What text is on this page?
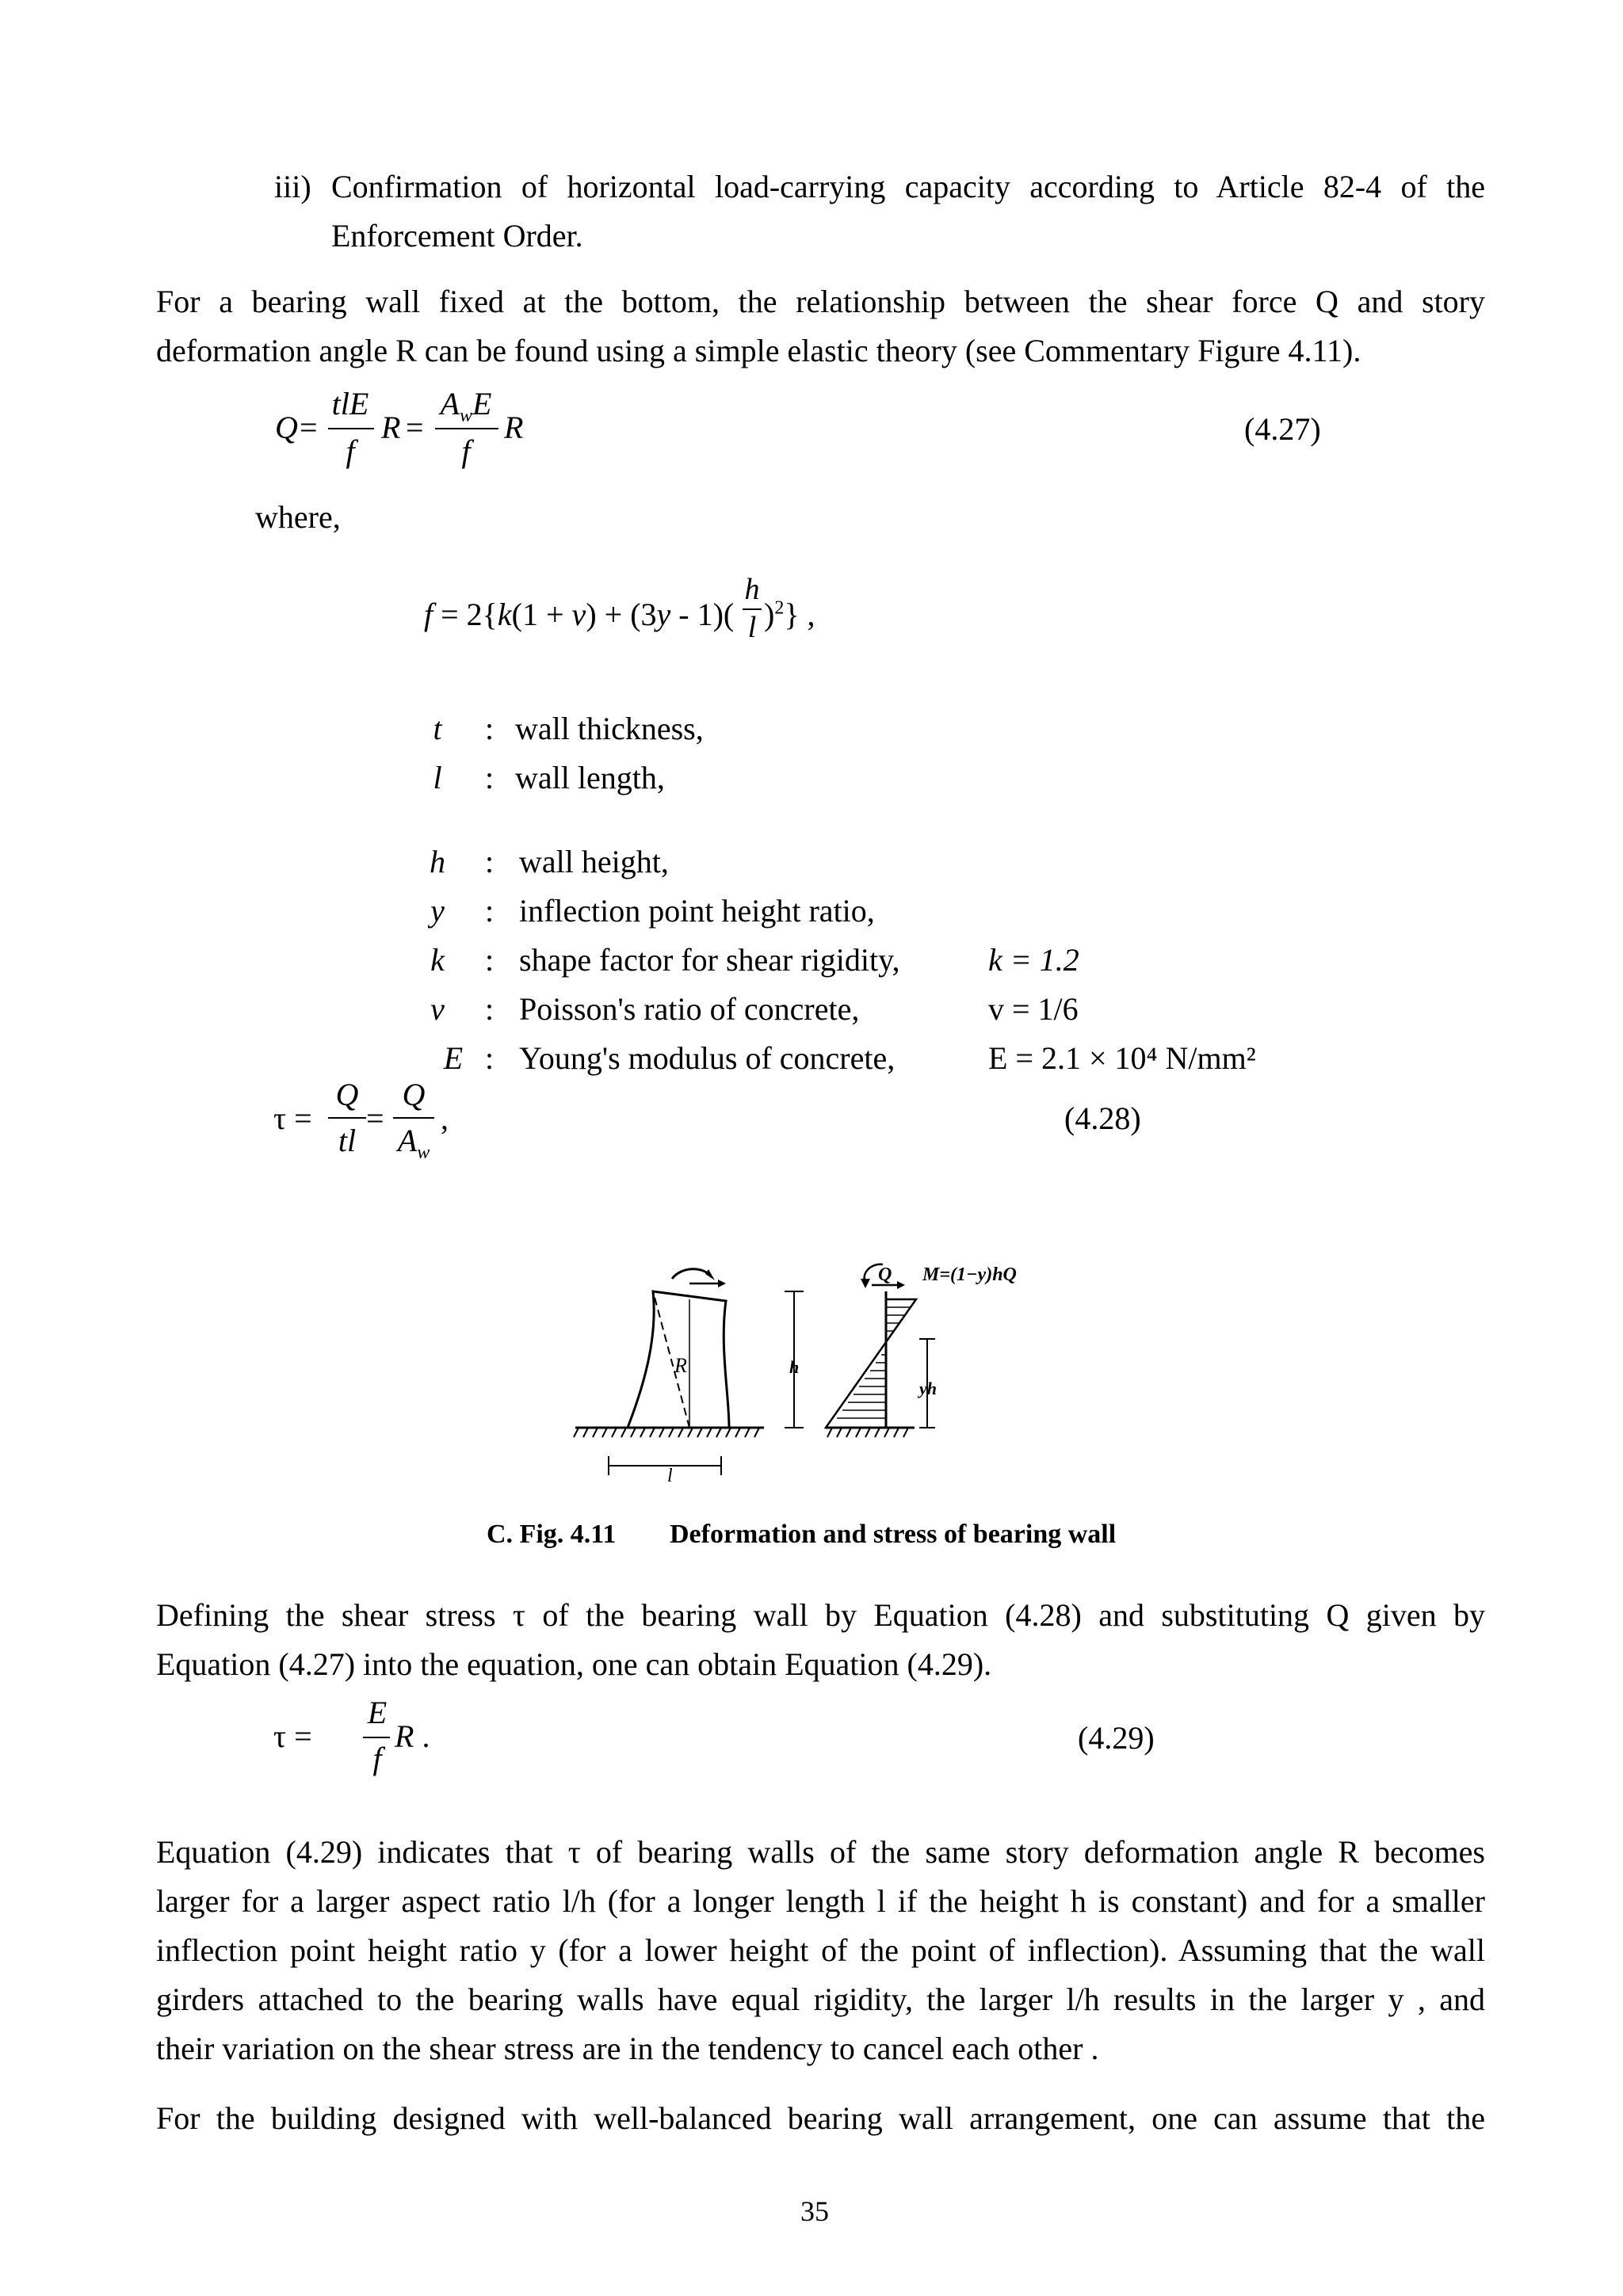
iii) Confirmation of horizontal load-carrying capacity according to Article 82-4 of the
Enforcement Order.
For a bearing wall fixed at the bottom, the relationship between the shear force Q and story
deformation angle R can be found using a simple elastic theory (see Commentary Figure 4.11).
Q =
tlE
f
R =
$A_wE$
f
R	(4.27)
where,
f = 2{k(1 + ν) + (3y - 1)(
h
l )$^2$} ,
t	: wall thickness,
l	: wall length,
h : wall height,
y : inflection point height ratio,
k : shape factor for shear rigidity,	k = 1.2
v : Poisson's ratio of concrete,	v = 1/6
E : Young's modulus of concrete,	E = 2.1 × 10⁴ N/mm²
τ =
Q
tl
=
Q
$A_w$
,	(4.28)
R	h
l
yh
Q M=(1−y)hQ
C. Fig. 4.11 Deformation and stress of bearing wall
Defining the shear stress τ of the bearing wall by Equation (4.28) and substituting Q given by
Equation (4.27) into the equation, one can obtain Equation (4.29).
τ =
E
f
R .	(4.29)
Equation (4.29) indicates that τ of bearing walls of the same story deformation angle R becomes
larger for a larger aspect ratio l/h (for a longer length l if the height h is constant) and for a smaller
inflection point height ratio y (for a lower height of the point of inflection). Assuming that the wall
girders attached to the bearing walls have equal rigidity, the larger l/h results in the larger y , and
their variation on the shear stress are in the tendency to cancel each other .
For the building designed with well-balanced bearing wall arrangement, one can assume that the
35
